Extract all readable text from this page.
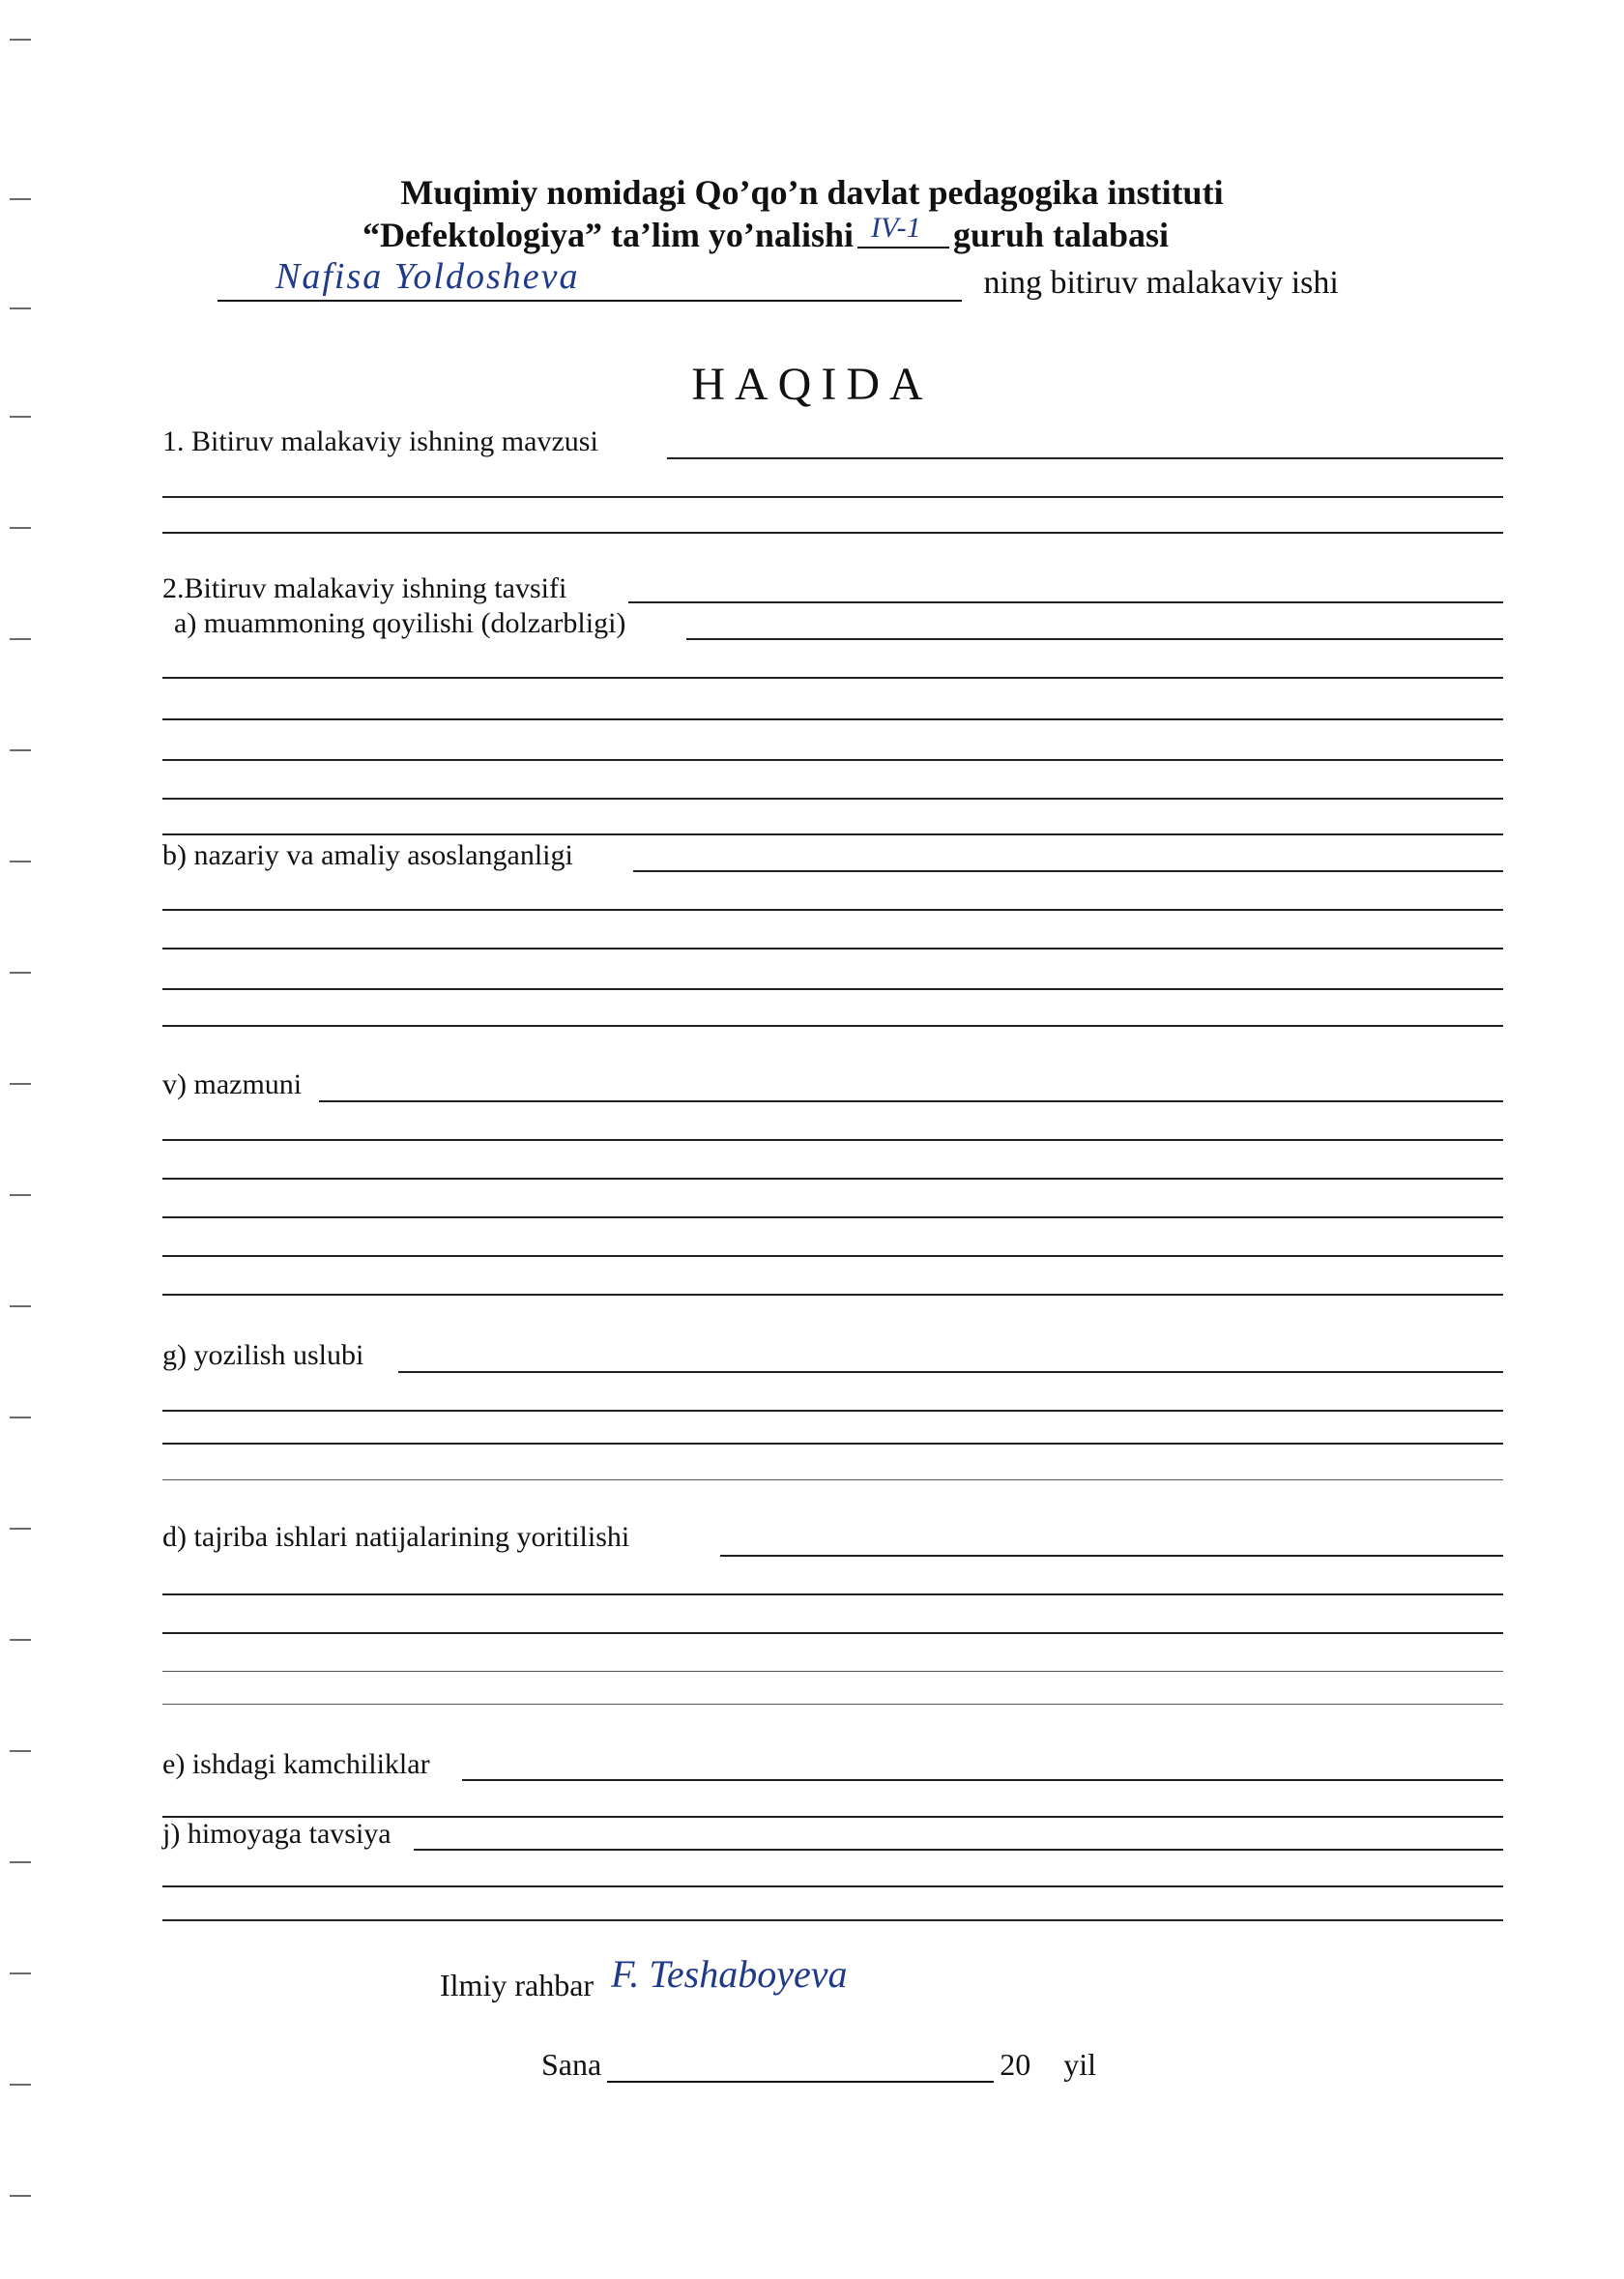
Muqimiy nomidagi Qo’qo’n davlat pedagogika instituti
“Defektologiya” ta’lim yo’nalishi IV-1 guruh talabasi
Nafisa Yoldosheva	ning bitiruv malakaviy ishi
HAQIDA
1. Bitiruv malakaviy ishning mavzusi
2.Bitiruv malakaviy ishning tavsifi
a) muammoning qoyilishi (dolzarbligi)
b) nazariy va amaliy asoslanganligi
v) mazmuni
g) yozilish uslubi
d) tajriba ishlari natijalarining yoritilishi
e) ishdagi kamchiliklar
j) himoyaga tavsiya
Ilmiy rahbar F. Teshaboyeva
Sana	20 yil
